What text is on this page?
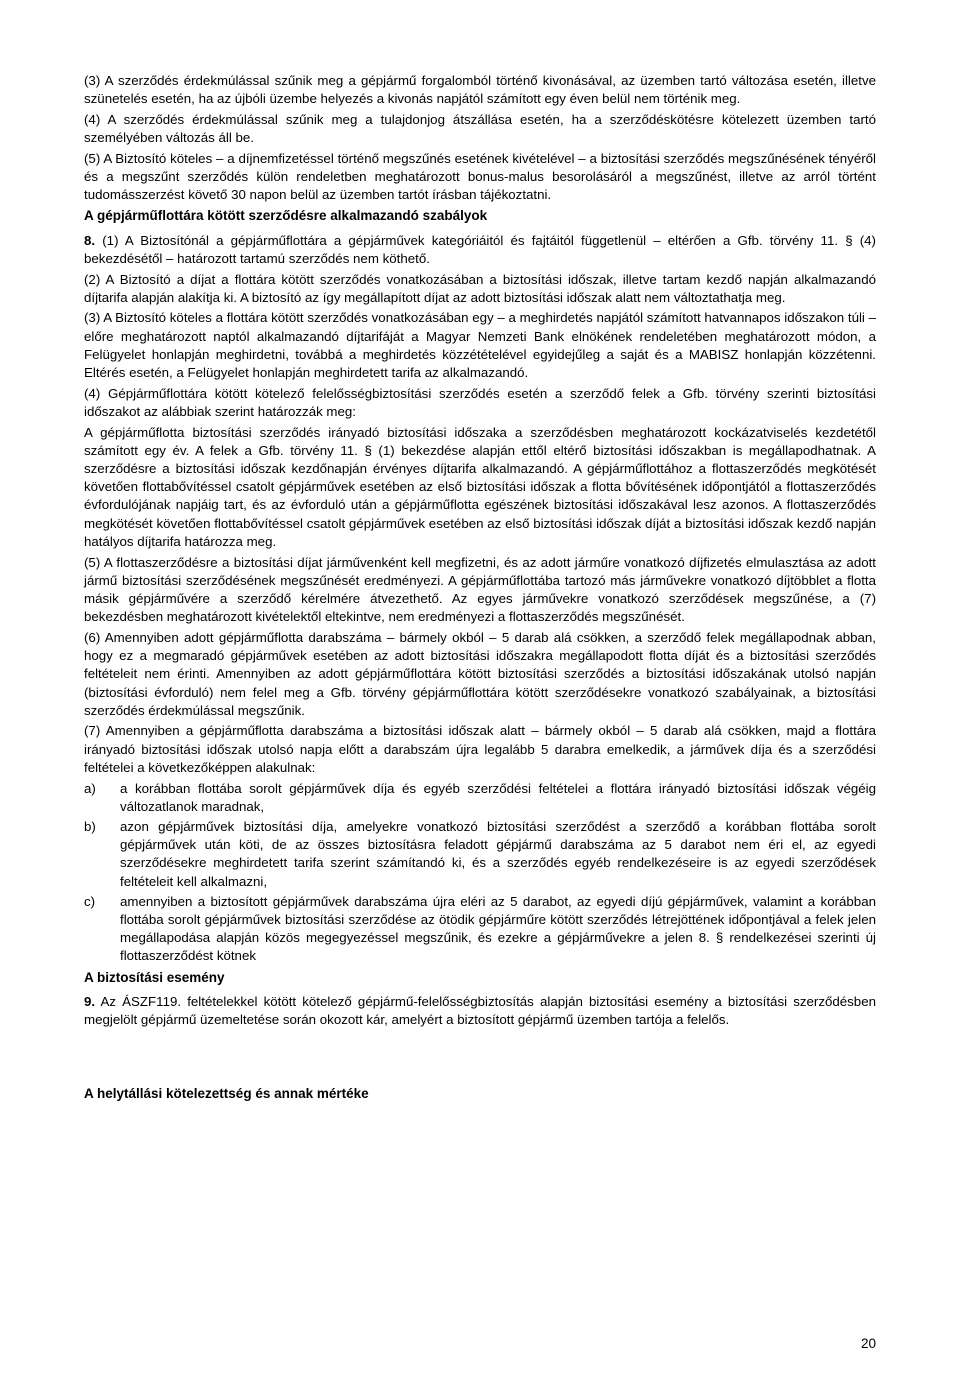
(3) A szerződés érdekmúlással szűnik meg a gépjármű forgalomból történő kivonásával, az üzemben tartó változása esetén, illetve szünetelés esetén, ha az újbóli üzembe helyezés a kivonás napjától számított egy éven belül nem történik meg.

(4) A szerződés érdekmúlással szűnik meg a tulajdonjog átszállása esetén, ha a szerződéskötésre kötelezett üzemben tartó személyében változás áll be.

(5) A Biztosító köteles – a díjnemfizetéssel történő megszűnés esetének kivételével – a biztosítási szerződés megszűnésének tényéről és a megszűnt szerződés külön rendeletben meghatározott bonus-malus besorolásáról a megszűnést, illetve az arról történt tudomásszerzést követő 30 napon belül az üzemben tartót írásban tájékoztatni.

A gépjárműflottára kötött szerződésre alkalmazandó szabályok

8. (1) A Biztosítónál a gépjárműflottára a gépjárművek kategóriáitól és fajtáitól függetlenül – eltérően a Gfb. törvény 11. § (4) bekezdésétől – határozott tartamú szerződés nem köthető.

(2) A Biztosító a díjat a flottára kötött szerződés vonatkozásában a biztosítási időszak, illetve tartam kezdő napján alkalmazandó díjtarifa alapján alakítja ki. A biztosító az így megállapított díjat az adott biztosítási időszak alatt nem változtathatja meg.

(3) A Biztosító köteles a flottára kötött szerződés vonatkozásában egy – a meghirdetés napjától számított hatvannapos időszakon túli – előre meghatározott naptól alkalmazandó díjtarifáját a Magyar Nemzeti Bank elnökének rendeletében meghatározott módon, a Felügyelet honlapján meghirdetni, továbbá a meghirdetés közzétételével egyidejűleg a saját és a MABISZ honlapján közzétenni. Eltérés esetén, a Felügyelet honlapján meghirdetett tarifa az alkalmazandó.

(4) Gépjárműflottára kötött kötelező felelősségbiztosítási szerződés esetén a szerződő felek a Gfb. törvény szerinti biztosítási időszakot az alábbiak szerint határozzák meg:

A gépjárműflotta biztosítási szerződés irányadó biztosítási időszaka a szerződésben meghatározott kockázatviselés kezdetétől számított egy év. A felek a Gfb. törvény 11. § (1) bekezdése alapján ettől eltérő biztosítási időszakban is megállapodhatnak. A szerződésre a biztosítási időszak kezdőnapján érvényes díjtarifa alkalmazandó. A gépjárműflottához a flottaszerződés megkötését követően flottabővítéssel csatolt gépjárművek esetében az első biztosítási időszak a flotta bővítésének időpontjától a flottaszerződés évfordulójának napjáig tart, és az évforduló után a gépjárműflotta egészének biztosítási időszakával lesz azonos. A flottaszerződés megkötését követően flottabővítéssel csatolt gépjárművek esetében az első biztosítási időszak díját a biztosítási időszak kezdő napján hatályos díjtarifa határozza meg.

(5) A flottaszerződésre a biztosítási díjat járművenként kell megfizetni, és az adott járműre vonatkozó díjfizetés elmulasztása az adott jármű biztosítási szerződésének megszűnését eredményezi. A gépjárműflottába tartozó más járművekre vonatkozó díjtöbblet a flotta másik gépjárművére a szerződő kérelmére átvezethető. Az egyes járművekre vonatkozó szerződések megszűnése, a (7) bekezdésben meghatározott kivételektől eltekintve, nem eredményezi a flottaszerződés megszűnését.

(6) Amennyiben adott gépjárműflotta darabszáma – bármely okból – 5 darab alá csökken, a szerződő felek megállapodnak abban, hogy ez a megmaradó gépjárművek esetében az adott biztosítási időszakra megállapodott flotta díját és a biztosítási szerződés feltételeit nem érinti. Amennyiben az adott gépjárműflottára kötött biztosítási szerződés a biztosítási időszakának utolsó napján (biztosítási évforduló) nem felel meg a Gfb. törvény gépjárműflottára kötött szerződésekre vonatkozó szabályainak, a biztosítási szerződés érdekmúlással megszűnik.

(7) Amennyiben a gépjárműflotta darabszáma a biztosítási időszak alatt – bármely okból – 5 darab alá csökken, majd a flottára irányadó biztosítási időszak utolsó napja előtt a darabszám újra legalább 5 darabra emelkedik, a járművek díja és a szerződési feltételei a következőképpen alakulnak:

a)	a korábban flottába sorolt gépjárművek díja és egyéb szerződési feltételei a flottára irányadó biztosítási időszak végéig változatlanok maradnak,
b)	azon gépjárművek biztosítási díja, amelyekre vonatkozó biztosítási szerződést a szerződő a korábban flottába sorolt gépjárművek után köti, de az összes biztosításra feladott gépjármű darabszáma az 5 darabot nem éri el, az egyedi szerződésekre meghirdetett tarifa szerint számítandó ki, és a szerződés egyéb rendelkezéseire is az egyedi szerződések feltételeit kell alkalmazni,
c)	amennyiben a biztosított gépjárművek darabszáma újra eléri az 5 darabot, az egyedi díjú gépjárművek, valamint a korábban flottába sorolt gépjárművek biztosítási szerződése az ötödik gépjárműre kötött szerződés létrejöttének időpontjával a felek jelen megállapodása alapján közös megegyezéssel megszűnik, és ezekre a gépjárművekre a jelen 8. § rendelkezései szerinti új flottaszerződést kötnek
A biztosítási esemény

9. Az ÁSZF119. feltételekkel kötött kötelező gépjármű-felelősségbiztosítás alapján biztosítási esemény a biztosítási szerződésben megjelölt gépjármű üzemeltetése során okozott kár, amelyért a biztosított gépjármű üzemben tartója a felelős.

A helytállási kötelezettség és annak mértéke
20
